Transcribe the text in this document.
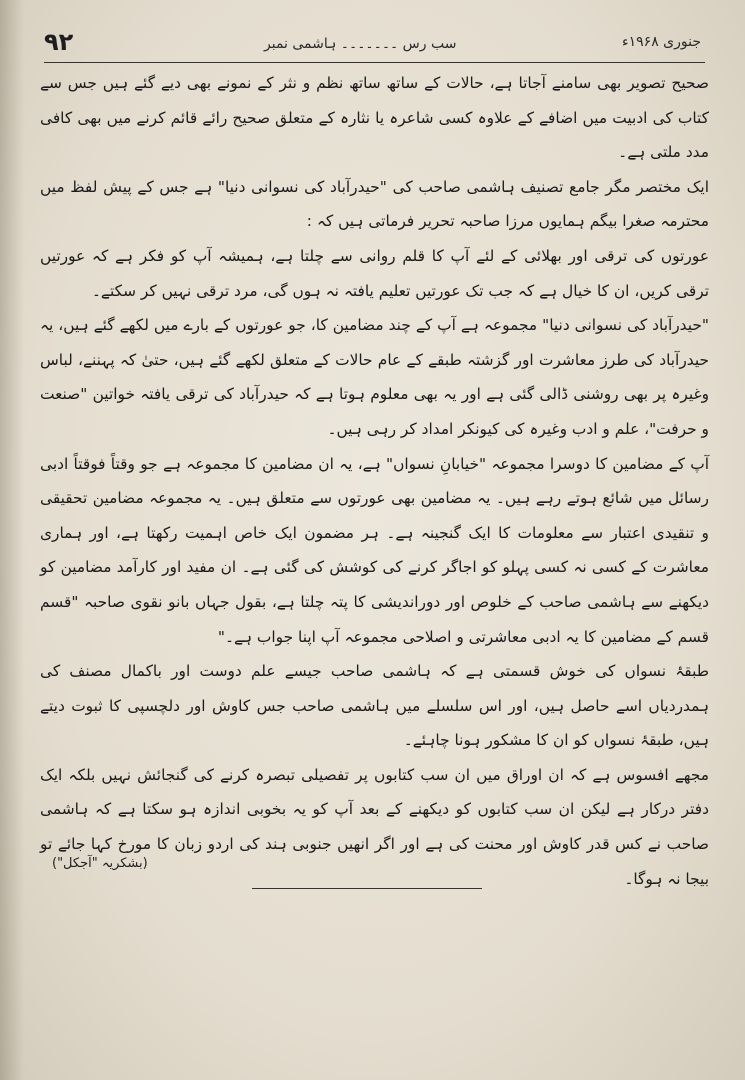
٩٢	سب رس ۔۔۔۔۔۔۔ ہاشمی نمبر	جنوری ۱۹۶۸ء

صحیح تصویر بھی سامنے آجاتا ہے، حالات کے ساتھ ساتھ نظم و نثر کے نمونے بھی دیے گئے ہیں جس سے کتاب کی ادبیت میں اضافے کے علاوہ کسی شاعرہ یا نثارہ کے متعلق صحیح رائے قائم کرنے میں بھی کافی مدد ملتی ہے۔

ایک مختصر مگر جامع تصنیف ہاشمی صاحب کی "حیدرآباد کی نسوانی دنیا" ہے جس کے پیش لفظ میں محترمہ صغرا بیگم ہمایوں مرزا صاحبہ تحریر فرماتی ہیں کہ :

عورتوں کی ترقی اور بھلائی کے لئے آپ کا قلم روانی سے چلتا ہے، ہمیشہ آپ کو فکر ہے کہ عورتیں ترقی کریں، ان کا خیال ہے کہ جب تک عورتیں تعلیم یافتہ نہ ہوں گی، مرد ترقی نہیں کر سکتے۔

"حیدرآباد کی نسوانی دنیا" مجموعہ ہے آپ کے چند مضامین کا، جو عورتوں کے بارے میں لکھے گئے ہیں، یہ حیدرآباد کی طرز معاشرت اور گزشتہ طبقے کے عام حالات کے متعلق لکھے گئے ہیں، حتیٰ کہ پہننے، لباس وغیرہ پر بھی روشنی ڈالی گئی ہے اور یہ بھی معلوم ہوتا ہے کہ حیدرآباد کی ترقی یافتہ خواتین "صنعت و حرفت"، علم و ادب وغیرہ کی کیونکر امداد کر رہی ہیں۔

آپ کے مضامین کا دوسرا مجموعہ "خیابانِ نسواں" ہے، یہ ان مضامین کا مجموعہ ہے جو وقتاً فوقتاً ادبی رسائل میں شائع ہوتے رہے ہیں۔ یہ مضامین بھی عورتوں سے متعلق ہیں۔ یہ مجموعہ مضامین تحقیقی و تنقیدی اعتبار سے معلومات کا ایک گنجینہ ہے۔ ہر مضمون ایک خاص اہمیت رکھتا ہے، اور ہماری معاشرت کے کسی نہ کسی پہلو کو اجاگر کرنے کی کوشش کی گئی ہے۔ ان مفید اور کارآمد مضامین کو دیکھنے سے ہاشمی صاحب کے خلوص اور دوراندیشی کا پتہ چلتا ہے، بقول جہاں بانو نقوی صاحبہ "قسم قسم کے مضامین کا یہ ادبی معاشرتی و اصلاحی مجموعہ آپ اپنا جواب ہے۔"

طبقۂ نسواں کی خوش قسمتی ہے کہ ہاشمی صاحب جیسے علم دوست اور باکمال مصنف کی ہمدردیاں اسے حاصل ہیں، اور اس سلسلے میں ہاشمی صاحب جس کاوش اور دلچسپی کا ثبوت دیتے ہیں، طبقۂ نسواں کو ان کا مشکور ہونا چاہئے۔

مجھے افسوس ہے کہ ان اوراق میں ان سب کتابوں پر تفصیلی تبصرہ کرنے کی گنجائش نہیں بلکہ ایک دفتر درکار ہے لیکن ان سب کتابوں کو دیکھنے کے بعد آپ کو یہ بخوبی اندازہ ہو سکتا ہے کہ ہاشمی صاحب نے کس قدر کاوش اور محنت کی ہے اور اگر انھیں جنوبی ہند کی اردو زبان کا مورخ کہا جائے تو بیجا نہ ہوگا۔

(بشکریہ "آجکل")
